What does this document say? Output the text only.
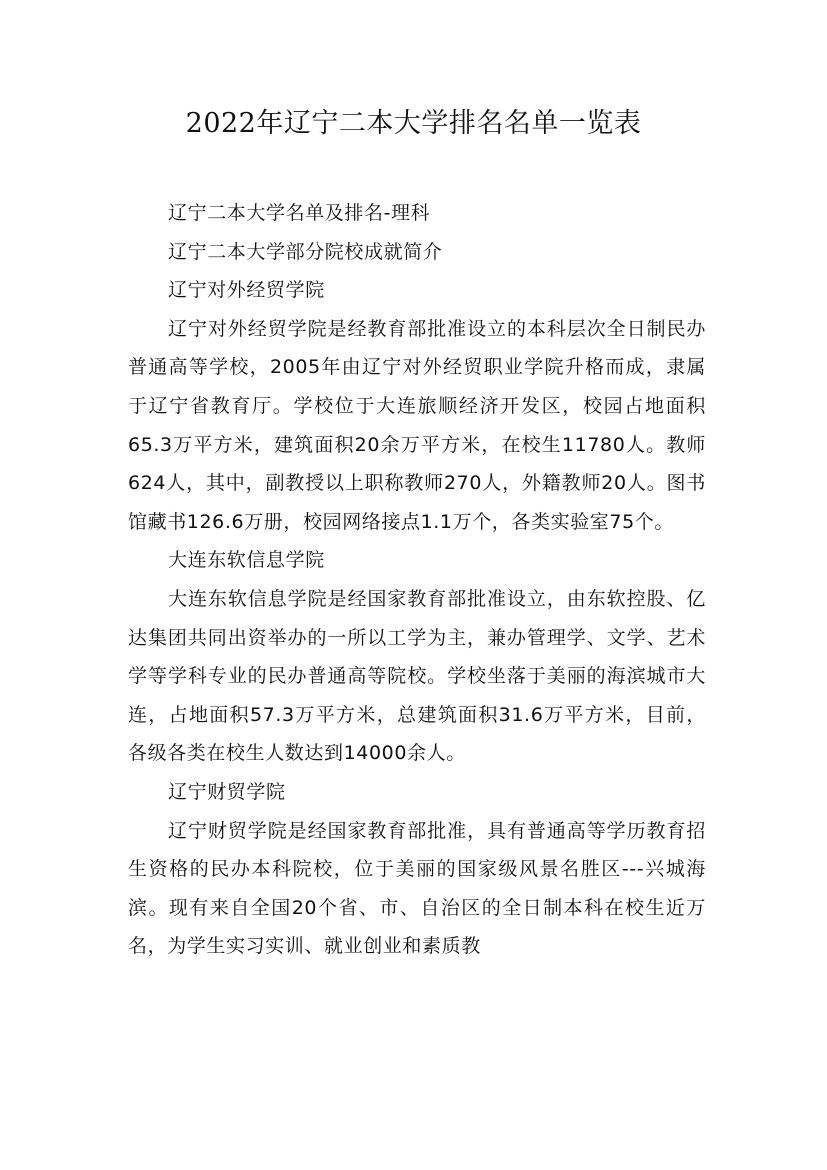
2022年辽宁二本大学排名名单一览表

辽宁二本大学名单及排名-理科

辽宁二本大学部分院校成就简介

辽宁对外经贸学院

辽宁对外经贸学院是经教育部批准设立的本科层次全日制民办普通高等学校，2005年由辽宁对外经贸职业学院升格而成，隶属于辽宁省教育厅。学校位于大连旅顺经济开发区，校园占地面积65.3万平方米，建筑面积20余万平方米，在校生11780人。教师624人，其中，副教授以上职称教师270人，外籍教师20人。图书馆藏书126.6万册，校园网络接点1.1万个，各类实验室75个。

大连东软信息学院

大连东软信息学院是经国家教育部批准设立，由东软控股、亿达集团共同出资举办的一所以工学为主，兼办管理学、文学、艺术学等学科专业的民办普通高等院校。学校坐落于美丽的海滨城市大连，占地面积57.3万平方米，总建筑面积31.6万平方米，目前，各级各类在校生人数达到14000余人。

辽宁财贸学院

辽宁财贸学院是经国家教育部批准，具有普通高等学历教育招生资格的民办本科院校，位于美丽的国家级风景名胜区---兴城海滨。现有来自全国20个省、市、自治区的全日制本科在校生近万名，为学生实习实训、就业创业和素质教
